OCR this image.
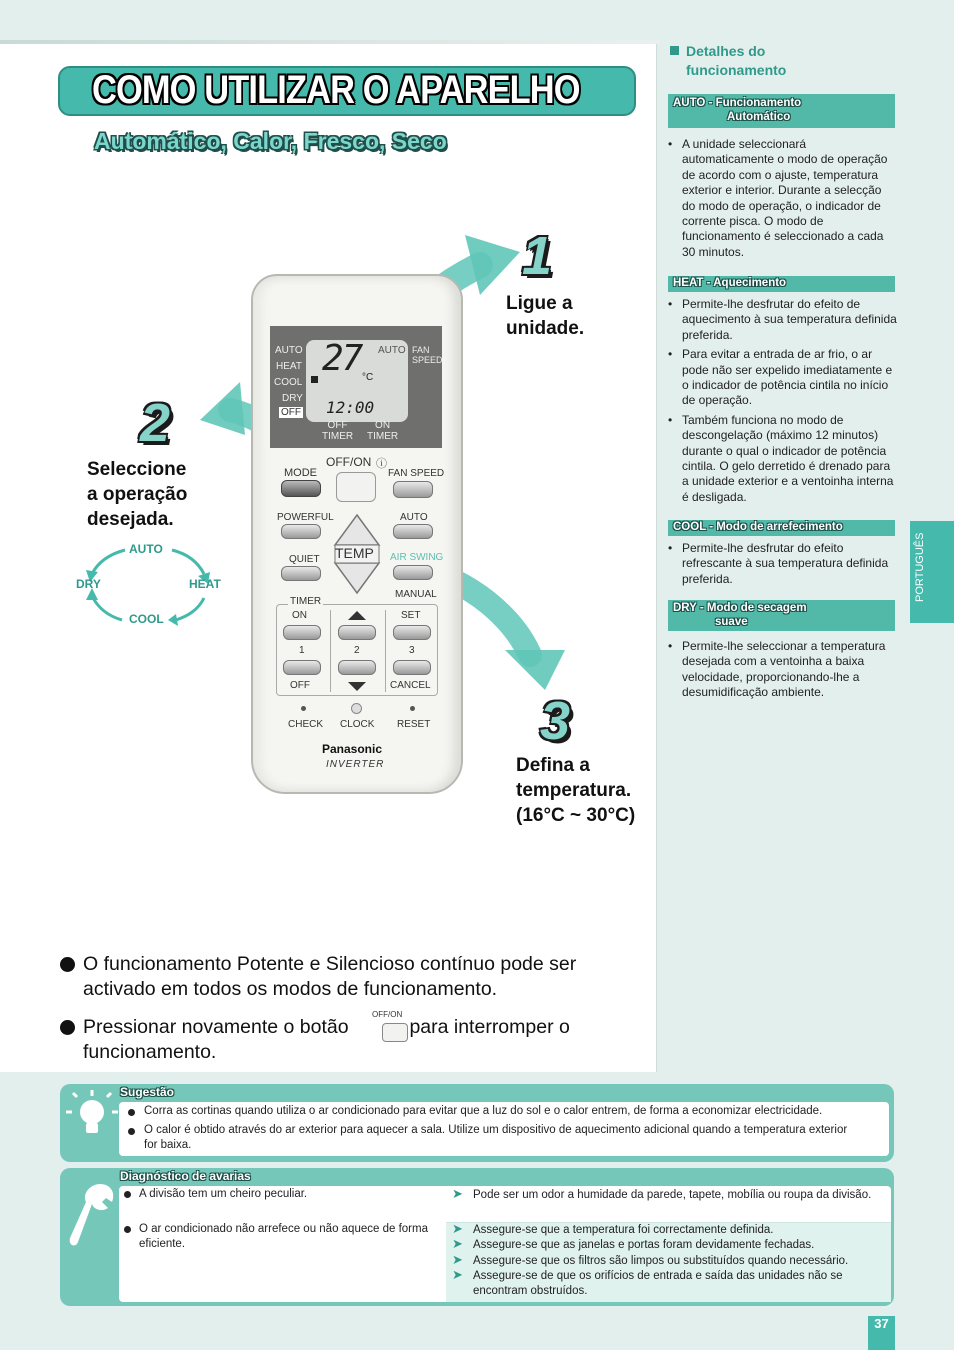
COMO UTILIZAR O APARELHO
Automático, Calor, Fresco, Seco
1
Ligue a
unidade.
2
Seleccione
a operação
desejada.
3
Defina a
temperatura.
(16°C ~ 30°C)
AUTO
HEAT
COOL
DRY
AUTO
HEAT
COOL
DRY
OFF
27 °C
AUTO FAN
SPEED
12:00
OFF
TIMER
ON
TIMER
MODE
OFF/ON ⓘ
FAN SPEED
POWERFUL	AUTO
QUIET	AIR SWING
MANUAL
TEMP
TIMER
ON	SET
1	2	3
OFF	CANCEL
CHECK CLOCK RESET
Panasonic
INVERTER
O funcionamento Potente e Silencioso contínuo pode ser
activado em todos os modos de funcionamento.
Pressionar novamente o botão	para interromper o
funcionamento.
OFF/ON
Detalhes do
funcionamento
AUTO - Funcionamento
Automático
• A unidade seleccionará automaticamente o modo de operação de acordo com o ajuste, temperatura exterior e interior. Durante a selecção do modo de operação, o indicador de corrente pisca. O modo de funcionamento é seleccionado a cada 30 minutos.
HEAT - Aquecimento
• Permite-lhe desfrutar do efeito de aquecimento à sua temperatura definida preferida.
• Para evitar a entrada de ar frio, o ar pode não ser expelido imediatamente e o indicador de potência cintila no início de operação.
• Também funciona no modo de descongelação (máximo 12 minutos) durante o qual o indicador de potência cintila. O gelo derretido é drenado para a unidade exterior e a ventoinha interna é desligada.
COOL - Modo de arrefecimento
• Permite-lhe desfrutar do efeito refrescante à sua temperatura definida preferida.
DRY - Modo de secagem
suave
• Permite-lhe seleccionar a temperatura desejada com a ventoinha a baixa velocidade, proporcionando-lhe a desumidificação ambiente.
PORTUGUÊS
Sugestão
Corra as cortinas quando utiliza o ar condicionado para evitar que a luz do sol e o calor entrem, de forma a economizar electricidade.
O calor é obtido através do ar exterior para aquecer a sala. Utilize um dispositivo de aquecimento adicional quando a temperatura exterior
for baixa.
Diagnóstico de avarias
A divisão tem um cheiro peculiar.	➤ Pode ser um odor a humidade da parede, tapete, mobília ou roupa da divisão.
O ar condicionado não arrefece ou não aquece de forma eficiente.
➤ Assegure-se que a temperatura foi correctamente definida.
➤ Assegure-se que as janelas e portas foram devidamente fechadas.
➤ Assegure-se que os filtros são limpos ou substituídos quando necessário.
➤ Assegure-se de que os orifícios de entrada e saída das unidades não se encontram obstruídos.
37
